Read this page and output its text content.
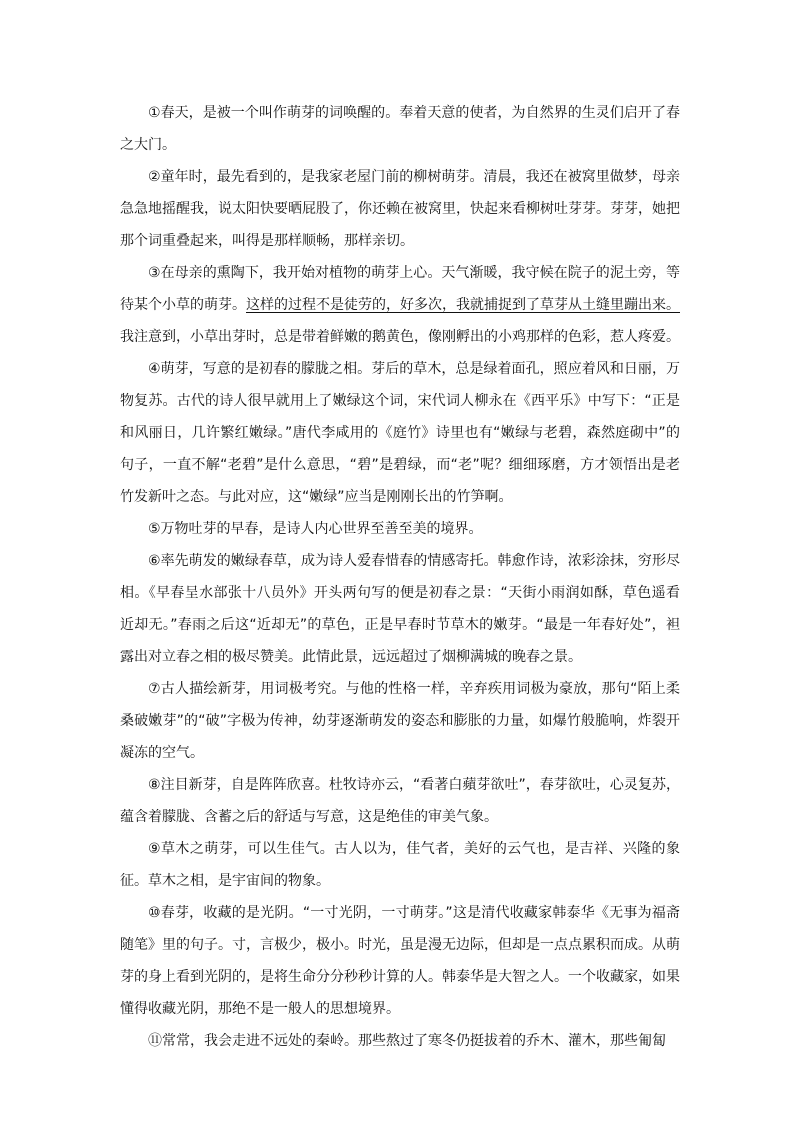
①春天，是被一个叫作萌芽的词唤醒的。奉着天意的使者，为自然界的生灵们启开了春之大门。

②童年时，最先看到的，是我家老屋门前的柳树萌芽。清晨，我还在被窝里做梦，母亲急急地摇醒我，说太阳快要晒屁股了，你还赖在被窝里，快起来看柳树吐芽芽。芽芽，她把那个词重叠起来，叫得是那样顺畅，那样亲切。

③在母亲的熏陶下，我开始对植物的萌芽上心。天气渐暖，我守候在院子的泥土旁，等待某个小草的萌芽。这样的过程不是徒劳的，好多次，我就捕捉到了草芽从土缝里蹦出来。我注意到，小草出芽时，总是带着鲜嫩的鹅黄色，像刚孵出的小鸡那样的色彩，惹人疼爱。

④萌芽，写意的是初春的朦胧之相。芽后的草木，总是绿着面孔，照应着风和日丽，万物复苏。古代的诗人很早就用上了嫩绿这个词，宋代词人柳永在《西平乐》中写下：“正是和风丽日，几许繁红嫩绿。”唐代李咸用的《庭竹》诗里也有“嫩绿与老碧，森然庭砌中”的句子，一直不解“老碧”是什么意思，“碧”是碧绿，而“老”呢？细细琢磨，方才领悟出是老竹发新叶之态。与此对应，这“嫩绿”应当是刚刚长出的竹笋啊。

⑤万物吐芽的早春，是诗人内心世界至善至美的境界。

⑥率先萌发的嫩绿春草，成为诗人爱春惜春的情感寄托。韩愈作诗，浓彩涂抹，穷形尽相。《早春呈水部张十八员外》开头两句写的便是初春之景：“天街小雨润如酥，草色遥看近却无。”春雨之后这“近却无”的草色，正是早春时节草木的嫩芽。“最是一年春好处”，袒露出对立春之相的极尽赞美。此情此景，远远超过了烟柳满城的晚春之景。

⑦古人描绘新芽，用词极考究。与他的性格一样，辛弃疾用词极为豪放，那句“陌上柔桑破嫩芽”的“破”字极为传神，幼芽逐渐萌发的姿态和膨胀的力量，如爆竹般脆响，炸裂开凝冻的空气。

⑧注目新芽，自是阵阵欣喜。杜牧诗亦云，“看著白蘋芽欲吐”，春芽欲吐，心灵复苏，蕴含着朦胧、含蓄之后的舒适与写意，这是绝佳的审美气象。

⑨草木之萌芽，可以生佳气。古人以为，佳气者，美好的云气也，是吉祥、兴隆的象征。草木之相，是宇宙间的物象。

⑩春芽，收藏的是光阴。“一寸光阴，一寸萌芽。”这是清代收藏家韩泰华《无事为福斋随笔》里的句子。寸，言极少，极小。时光，虽是漫无边际，但却是一点点累积而成。从萌芽的身上看到光阴的，是将生命分分秒秒计算的人。韩泰华是大智之人。一个收藏家，如果懂得收藏光阴，那绝不是一般人的思想境界。

⑪常常，我会走进不远处的秦岭。那些熬过了寒冬仍挺拔着的乔木、灌木，那些匍匐
